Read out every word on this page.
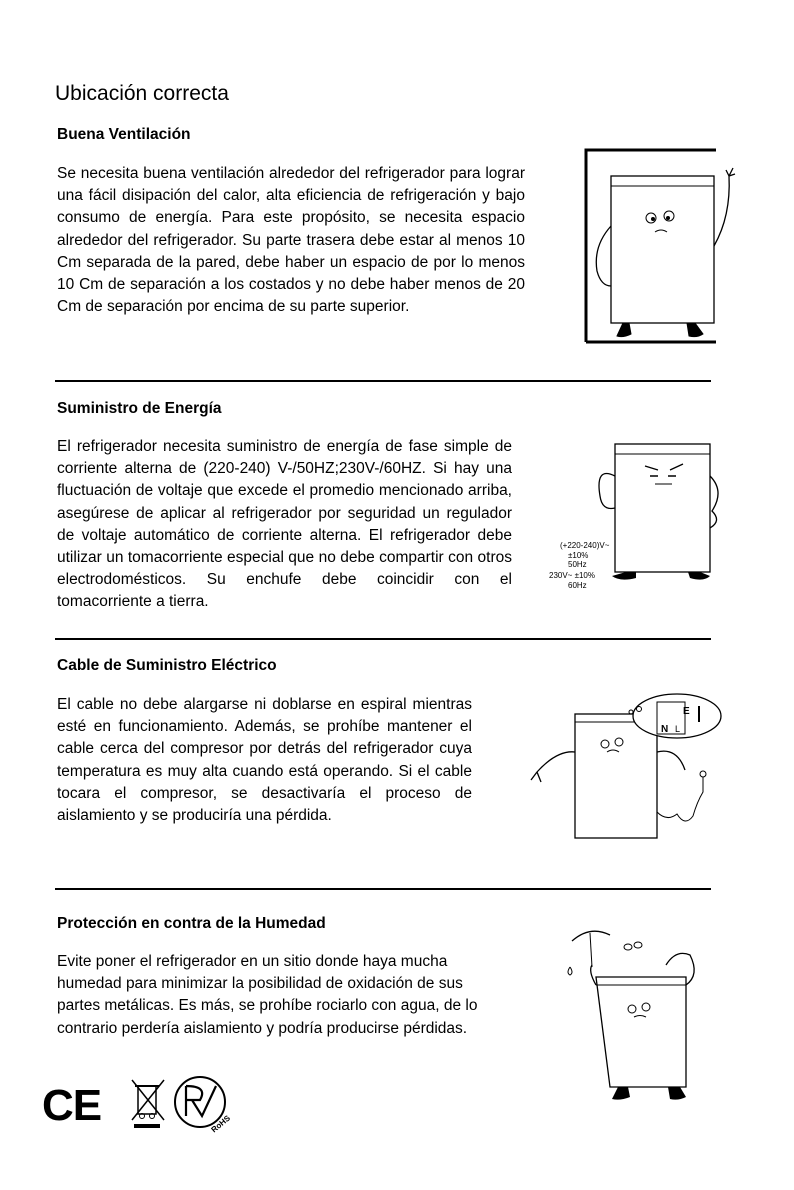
Ubicación correcta
Buena Ventilación
Se necesita buena ventilación alrededor del refrigerador para lograr una fácil disipación del calor, alta eficiencia de refrigeración y bajo consumo de energía. Para este propósito, se necesita espacio alrededor del refrigerador. Su parte trasera debe estar al menos 10 Cm separada de la pared, debe haber un espacio de por lo menos 10 Cm de separación a los costados y no debe haber menos de 20 Cm de separación por encima de su parte superior.
Suministro de Energía
El refrigerador necesita suministro de energía de fase simple de corriente alterna de (220-240) V-/50HZ;230V-/60HZ. Si hay una fluctuación de voltaje que excede el promedio mencionado arriba, asegúrese de aplicar al refrigerador por seguridad un regulador de voltaje automático de corriente alterna. El refrigerador debe utilizar un tomacorriente especial que no debe compartir con otros electrodomésticos. Su enchufe debe coincidir con el tomacorriente a tierra.
(+220-240)V~
±10%
50Hz
230V~ ±10%
60Hz
Cable de Suministro Eléctrico
El cable no debe alargarse ni doblarse en espiral mientras esté en funcionamiento. Además, se prohíbe mantener el cable cerca del compresor por detrás del refrigerador cuya temperatura es muy alta cuando está operando. Si el cable tocara el compresor, se desactivaría el proceso de aislamiento y se produciría una pérdida.
E
N L
Protección en contra de la Humedad
Evite poner el refrigerador en un sitio donde haya mucha humedad para minimizar la posibilidad de oxidación de sus partes metálicas. Es más, se prohíbe rociarlo con agua, de lo contrario perdería aislamiento y podría producirse pérdidas.
CE	RoHS
